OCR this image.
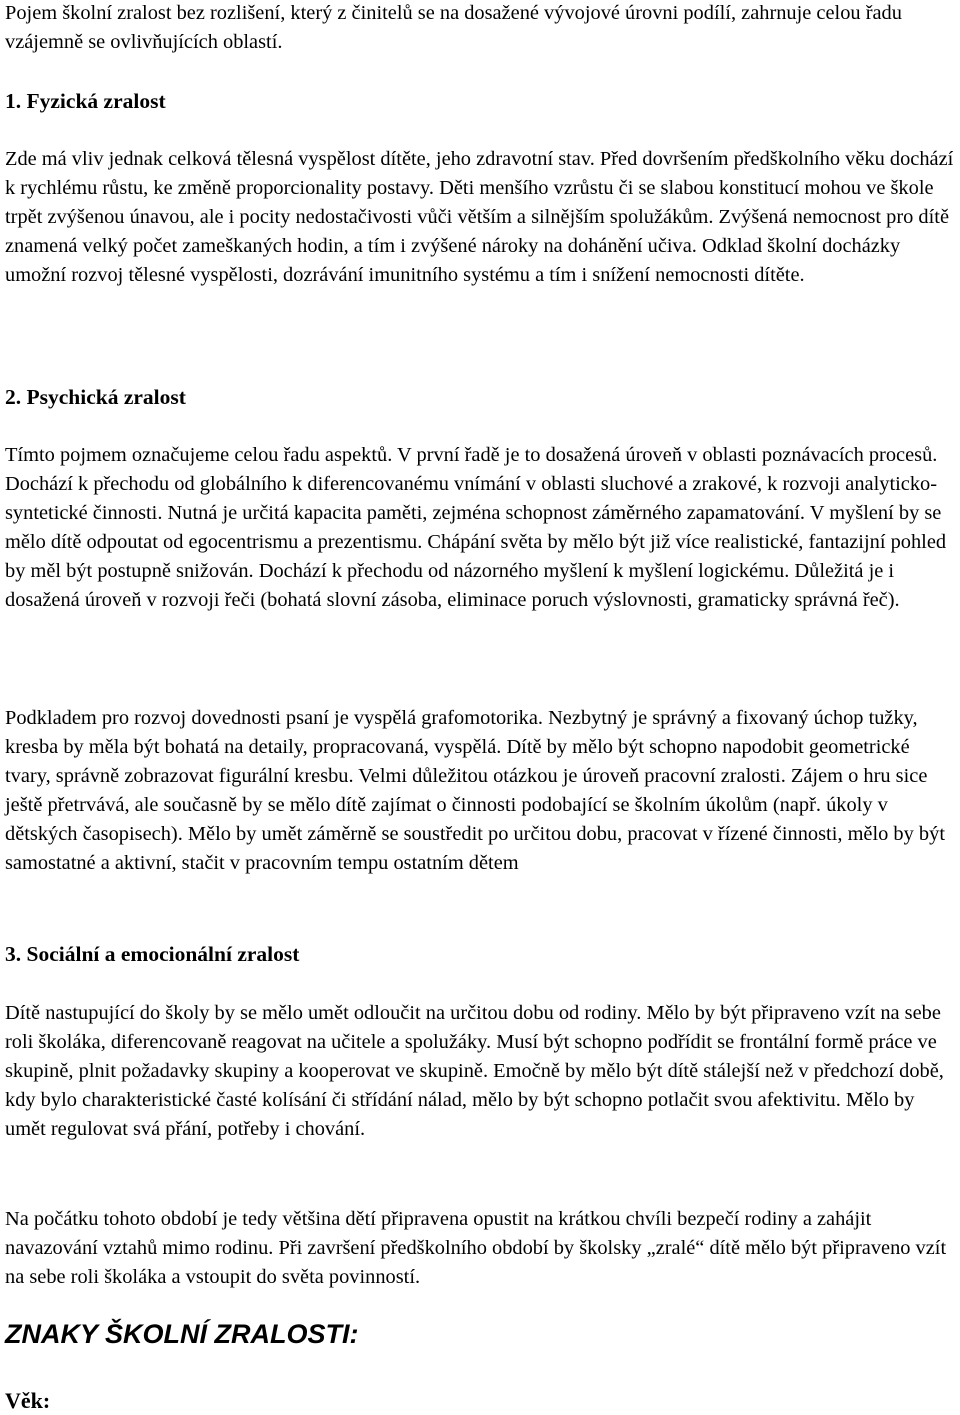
Pojem školní zralost bez rozlišení, který z činitelů se na dosažené vývojové úrovni podílí, zahrnuje celou řadu vzájemně se ovlivňujících oblastí.

1. Fyzická zralost

Zde má vliv jednak celková tělesná vyspělost dítěte, jeho zdravotní stav. Před dovršením předškolního věku dochází k rychlému růstu, ke změně proporcionality postavy. Děti menšího vzrůstu či se slabou konstitucí mohou ve škole trpět zvýšenou únavou, ale i pocity nedostačivosti vůči větším a silnějším spolužákům. Zvýšená nemocnost pro dítě znamená velký počet zameškaných hodin, a tím i zvýšené nároky na dohánění učiva. Odklad školní docházky umožní rozvoj tělesné vyspělosti, dozrávání imunitního systému a tím i snížení nemocnosti dítěte.

2. Psychická zralost

Tímto pojmem označujeme celou řadu aspektů. V první řadě je to dosažená úroveň v oblasti poznávacích procesů. Dochází k přechodu od globálního k diferencovanému vnímání v oblasti sluchové a zrakové, k rozvoji analyticko-syntetické činnosti. Nutná je určitá kapacita paměti, zejména schopnost záměrného zapamatování. V myšlení by se mělo dítě odpoutat od egocentrismu a prezentismu. Chápání světa by mělo být již více realistické, fantazijní pohled by měl být postupně snižován. Dochází k přechodu od názorného myšlení k myšlení logickému. Důležitá je i dosažená úroveň v rozvoji řeči (bohatá slovní zásoba, eliminace poruch výslovnosti, gramaticky správná řeč).

Podkladem pro rozvoj dovednosti psaní je vyspělá grafomotorika. Nezbytný je správný a fixovaný úchop tužky, kresba by měla být bohatá na detaily, propracovaná, vyspělá. Dítě by mělo být schopno napodobit geometrické tvary, správně zobrazovat figurální kresbu. Velmi důležitou otázkou je úroveň pracovní zralosti. Zájem o hru sice ještě přetrvává, ale současně by se mělo dítě zajímat o činnosti podobající se školním úkolům (např. úkoly v dětských časopisech). Mělo by umět záměrně se soustředit po určitou dobu, pracovat v řízené činnosti, mělo by být samostatné a aktivní, stačit v pracovním tempu ostatním dětem

3. Sociální a emocionální zralost

Dítě nastupující do školy by se mělo umět odloučit na určitou dobu od rodiny. Mělo by být připraveno vzít na sebe roli školáka, diferencovaně reagovat na učitele a spolužáky. Musí být schopno podřídit se frontální formě práce ve skupině, plnit požadavky skupiny a kooperovat ve skupině. Emočně by mělo být dítě stálejší než v předchozí době, kdy bylo charakteristické časté kolísání či střídání nálad, mělo by být schopno potlačit svou afektivitu. Mělo by umět regulovat svá přání, potřeby i chování.

Na počátku tohoto období je tedy většina dětí připravena opustit na krátkou chvíli bezpečí rodiny a zahájit navazování vztahů mimo rodinu. Při završení předškolního období by školsky „zralé“ dítě mělo být připraveno vzít na sebe roli školáka a vstoupit do světa povinností.

ZNAKY ŠKOLNÍ ZRALOSTI:

Věk:
